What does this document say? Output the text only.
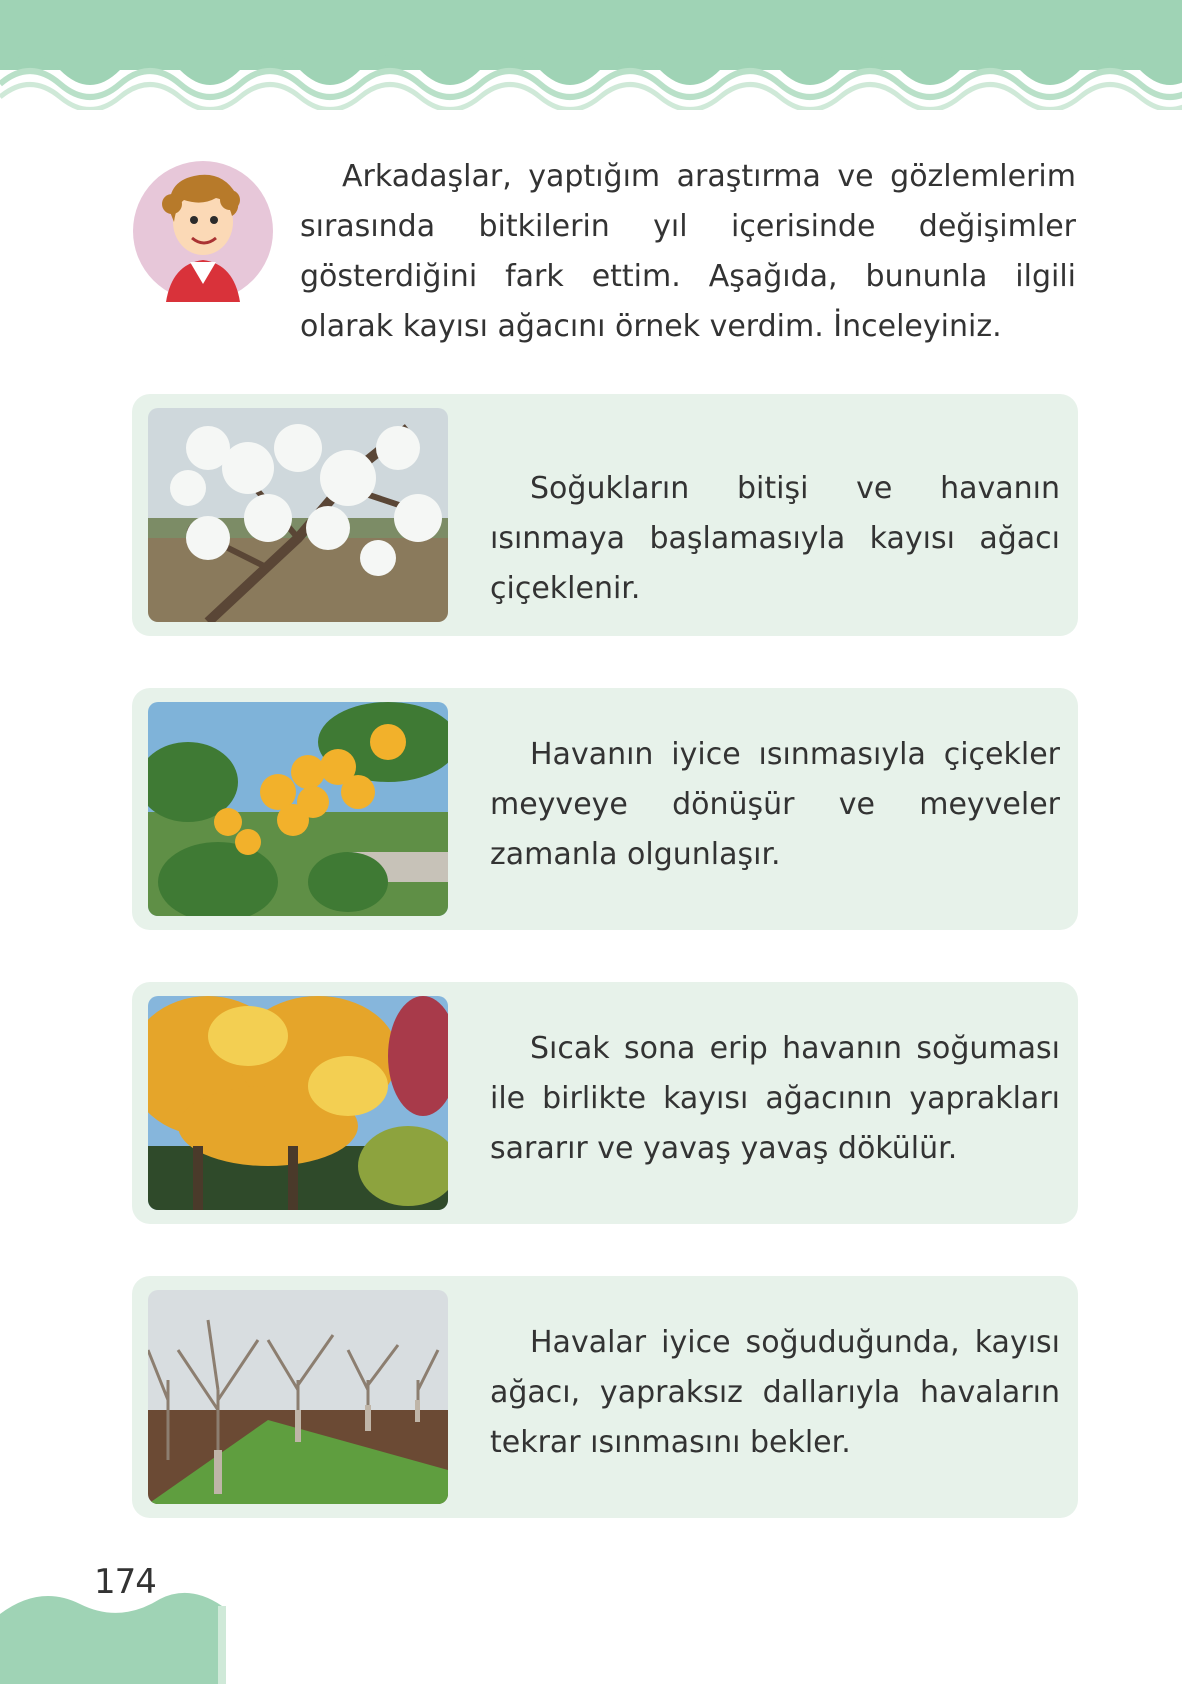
Arkadaşlar, yaptığım araştırma ve gözlemlerim sırasında bitkilerin yıl içerisinde değişimler gösterdiğini fark ettim. Aşağıda, bununla ilgili olarak kayısı ağacını örnek verdim. İnceleyiniz.
Soğukların bitişi ve havanın ısınmaya başlamasıyla kayısı ağacı çiçeklenir.
Havanın iyice ısınmasıyla çiçekler meyveye dönüşür ve meyveler zamanla olgunlaşır.
Sıcak sona erip havanın soğuması ile birlikte kayısı ağacının yaprakları sararır ve yavaş yavaş dökülür.
Havalar iyice soğuduğunda, kayısı ağacı, yapraksız dallarıyla havaların tekrar ısınmasını bekler.
174
